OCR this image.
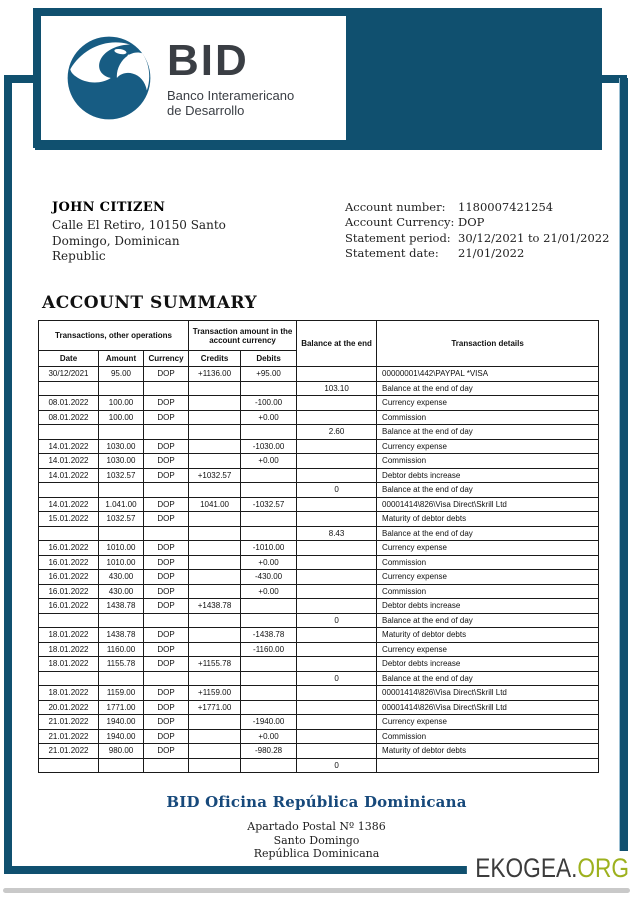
BID
Banco Interamericano
de Desarrollo
JOHN CITIZEN
Calle El Retiro, 10150 Santo
Domingo, Dominican
Republic
Account number:	1180007421254
Account Currency: DOP
Statement period: 30/12/2021 to 21/01/2022
Statement date:	21/01/2022
ACCOUNT SUMMARY
Transactions, other operations			Transaction amount in the account currency		Balance at the end	Transaction details
Date	Amount	Currency	Credits	Debits		
30/12/2021	95.00	DOP	+1136.00	+95.00		00000001\442\PAYPAL *VISA
					103.10	Balance at the end of day
08.01.2022	100.00	DOP		-100.00		Currency expense
08.01.2022	100.00	DOP		+0.00		Commission
					2.60	Balance at the end of day
14.01.2022	1030.00	DOP		-1030.00		Currency expense
14.01.2022	1030.00	DOP		+0.00		Commission
14.01.2022	1032.57	DOP	+1032.57			Debtor debts increase
					0	Balance at the end of day
14.01.2022	1.041.00	DOP	1041.00	-1032.57		00001414\826\Visa Direct\Skrill Ltd
15.01.2022	1032.57	DOP				Maturity of debtor debts
					8.43	Balance at the end of day
16.01.2022	1010.00	DOP		-1010.00		Currency expense
16.01.2022	1010.00	DOP		+0.00		Commission
16.01.2022	430.00	DOP		-430.00		Currency expense
16.01.2022	430.00	DOP		+0.00		Commission
16.01.2022	1438.78	DOP	+1438.78			Debtor debts increase
					0	Balance at the end of day
18.01.2022	1438.78	DOP		-1438.78		Maturity of debtor debts
18.01.2022	1160.00	DOP		-1160.00		Currency expense
18.01.2022	1155.78	DOP	+1155.78			Debtor debts increase
					0	Balance at the end of day
18.01.2022	1159.00	DOP	+1159.00			00001414\826\Visa Direct\Skrill Ltd
20.01.2022	1771.00	DOP	+1771.00			00001414\826\Visa Direct\Skrill Ltd
21.01.2022	1940.00	DOP		-1940.00		Currency expense
21.01.2022	1940.00	DOP		+0.00		Commission
21.01.2022	980.00	DOP		-980.28		Maturity of debtor debts
					0	
BID Oficina República Dominicana
Apartado Postal Nº 1386
Santo Domingo
República Dominicana	EKOGEA.ORG
